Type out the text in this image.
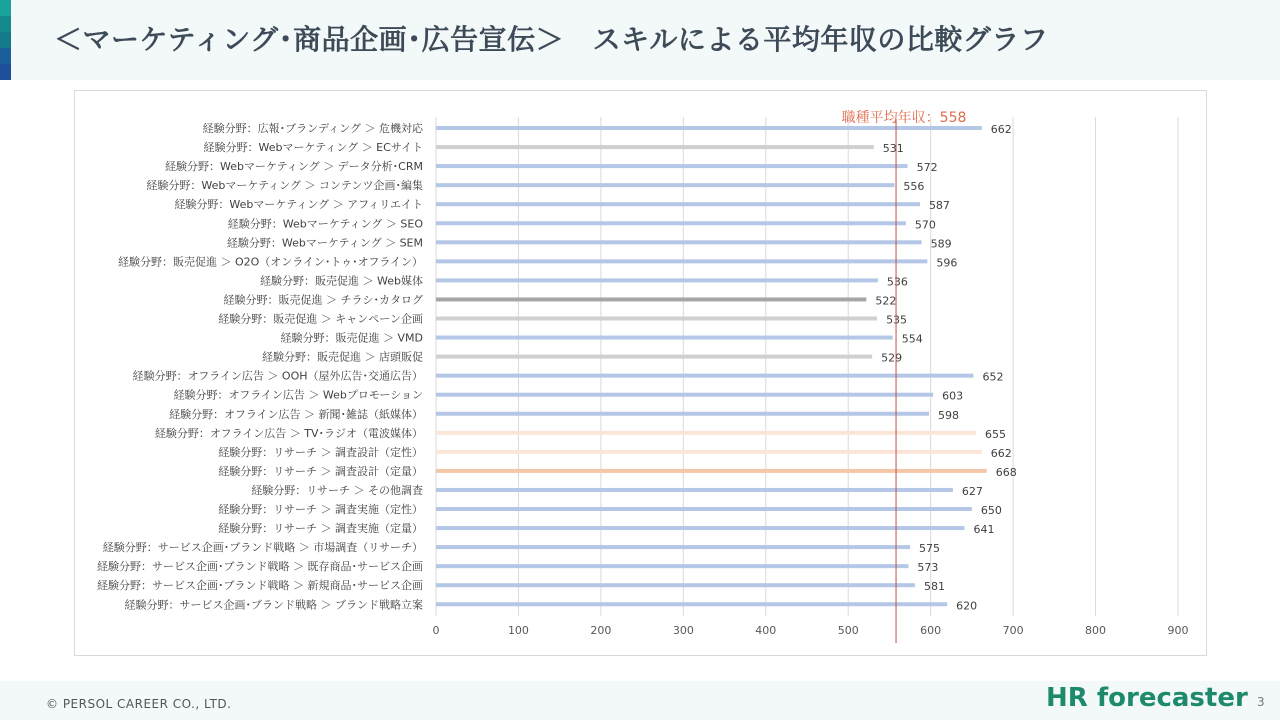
＜マーケティング･商品企画･広告宣伝＞　スキルによる平均年収の比較グラフ
0	100	200	300	400	500	600	700	800	900
経験分野：広報･ブランディング ＞ 危機対応	662
経験分野：Webマーケティング ＞ ECサイト	531
経験分野：Webマーケティング ＞ データ分析･CRM	572
経験分野：Webマーケティング ＞ コンテンツ企画･編集	556
経験分野：Webマーケティング ＞ アフィリエイト	587
経験分野：Webマーケティング ＞ SEO	570
経験分野：Webマーケティング ＞ SEM	589
経験分野：販売促進 ＞ O2O（オンライン･トゥ･オフライン）	596
経験分野：販売促進 ＞ Web媒体	536
経験分野：販売促進 ＞ チラシ･カタログ	522
経験分野：販売促進 ＞ キャンペーン企画	535
経験分野：販売促進 ＞ VMD	554
経験分野：販売促進 ＞ 店頭販促	529
経験分野：オフライン広告 ＞ OOH（屋外広告･交通広告）	652
経験分野：オフライン広告 ＞ Webプロモーション	603
経験分野：オフライン広告 ＞ 新聞･雑誌（紙媒体）	598
経験分野：オフライン広告 ＞ TV･ラジオ（電波媒体）	655
経験分野：リサーチ ＞ 調査設計（定性）	662
経験分野：リサーチ ＞ 調査設計（定量）	668
経験分野：リサーチ ＞ その他調査	627
経験分野：リサーチ ＞ 調査実施（定性）	650
経験分野：リサーチ ＞ 調査実施（定量）	641
経験分野：サービス企画･ブランド戦略 ＞ 市場調査（リサーチ）	575
経験分野：サービス企画･ブランド戦略 ＞ 既存商品･サービス企画	573
経験分野：サービス企画･ブランド戦略 ＞ 新規商品･サービス企画	581
経験分野：サービス企画･ブランド戦略 ＞ ブランド戦略立案	620
職種平均年収：558
© PERSOL CAREER CO., LTD.	HR forecaster 3
